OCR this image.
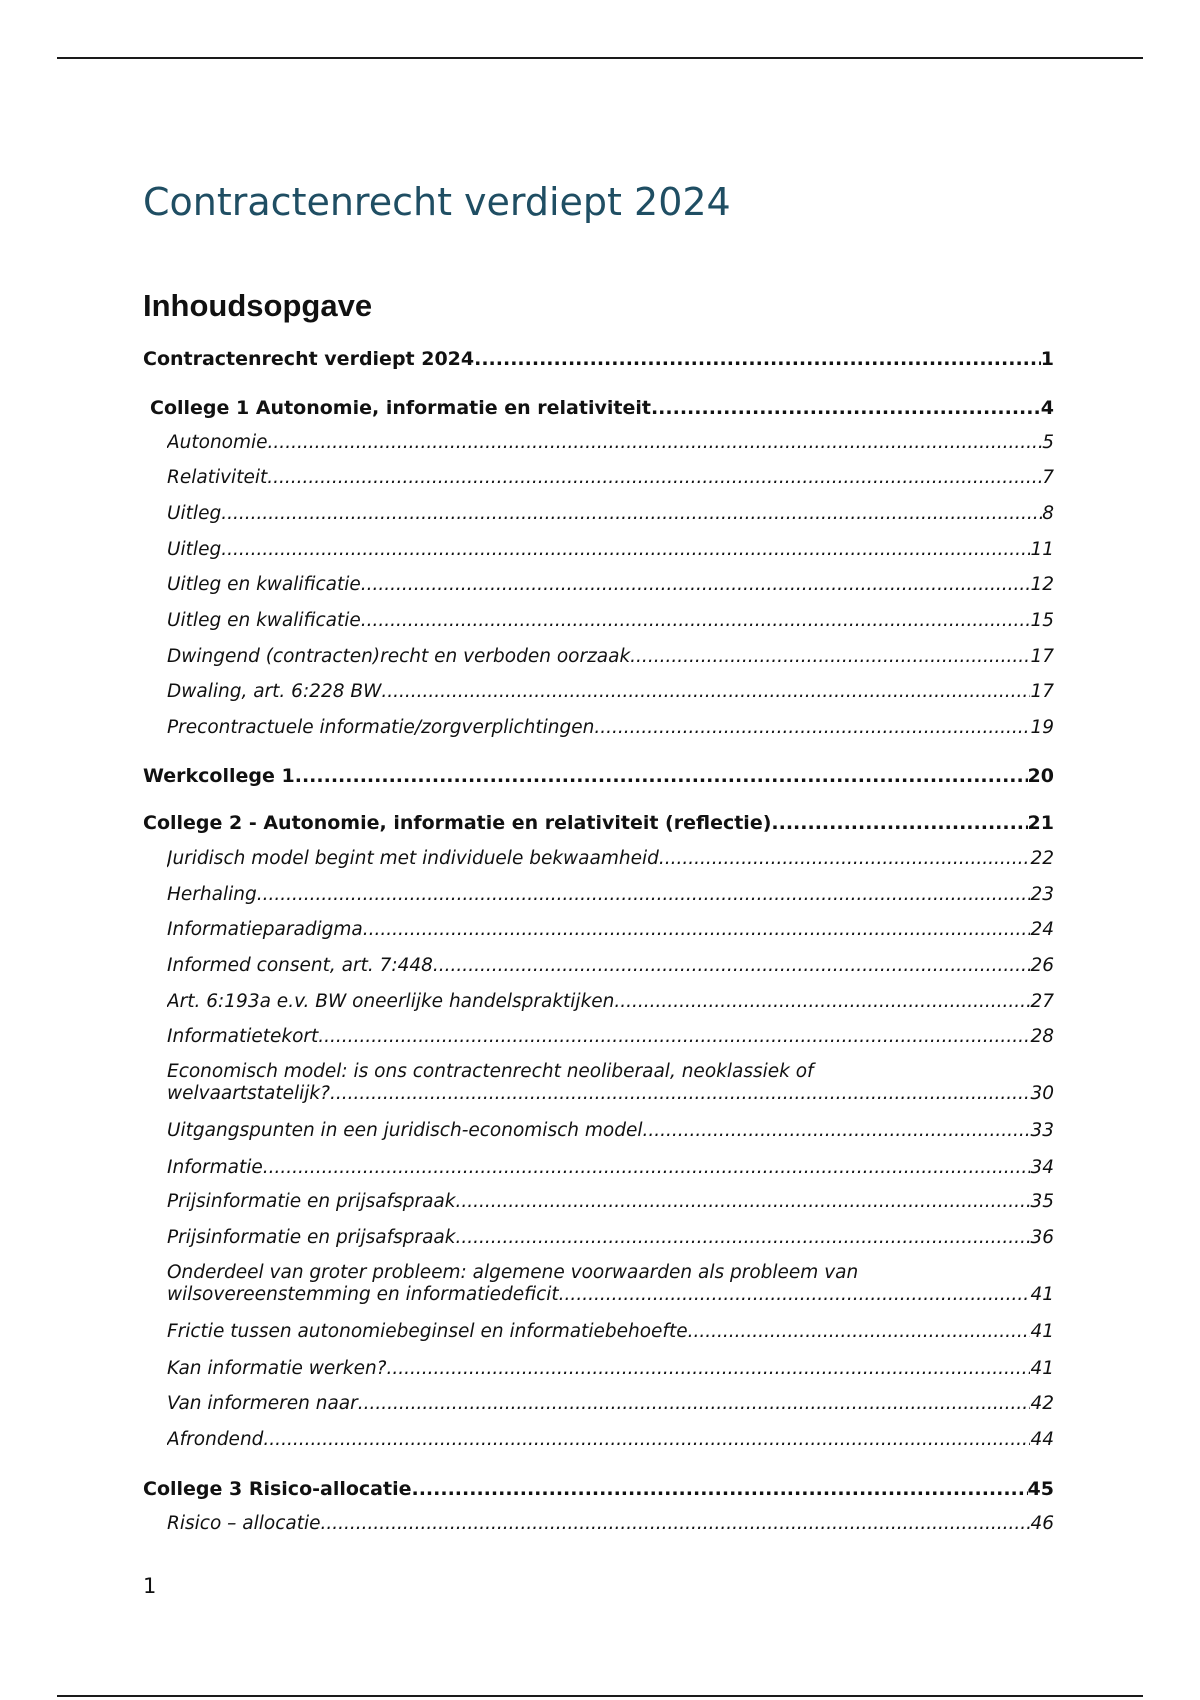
Contractenrecht verdiept 2024
Inhoudsopgave
Contractenrecht verdiept 2024 .....	1
College 1 Autonomie, informatie en relativiteit .....	4
Autonomie .....	5
Relativiteit .....	7
Uitleg .....	8
Uitleg .....	11
Uitleg en kwalificatie .....	12
Uitleg en kwalificatie .....	15
Dwingend (contracten)recht en verboden oorzaak .....	17
Dwaling, art. 6:228 BW .....	17
Precontractuele informatie/zorgverplichtingen .....	19
Werkcollege 1 .....	20
College 2 - Autonomie, informatie en relativiteit (reflectie) .....	21
Juridisch model begint met individuele bekwaamheid .....	22
Herhaling .....	23
Informatieparadigma .....	24
Informed consent, art. 7:448 .....	26
Art. 6:193a e.v. BW oneerlijke handelspraktijken .....	27
Informatietekort .....	28
Economisch model: is ons contractenrecht neoliberaal, neoklassiek of
welvaartstatelijk? .....	30
Uitgangspunten in een juridisch-economisch model .....	33
Informatie .....	34
Prijsinformatie en prijsafspraak .....	35
Prijsinformatie en prijsafspraak .....	36
Onderdeel van groter probleem: algemene voorwaarden als probleem van
wilsovereenstemming en informatiedeficit .....	41
Frictie tussen autonomiebeginsel en informatiebehoefte .....	41
Kan informatie werken? .....	41
Van informeren naar .....	42
Afrondend .....	44
College 3 Risico-allocatie .....	45
Risico – allocatie .....	46

1
